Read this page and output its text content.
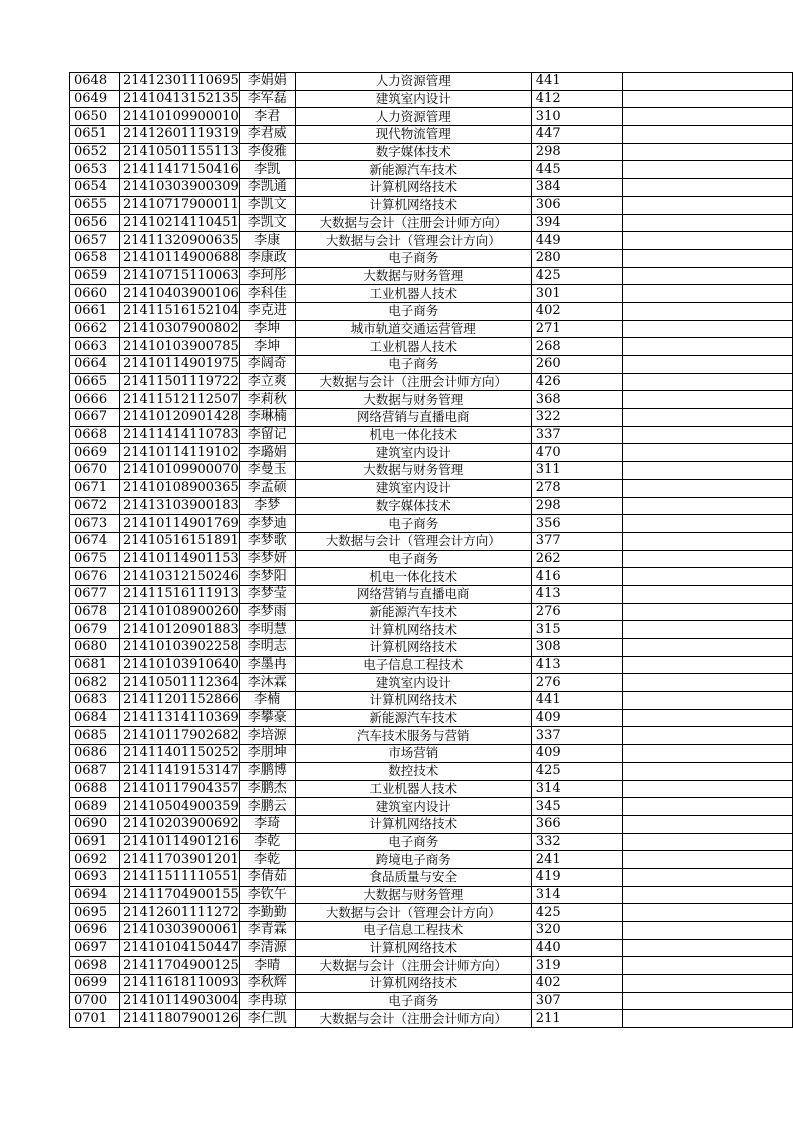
0648	21412301110695	李娟娟	人力资源管理	441	
0649	21410413152135	李军磊	建筑室内设计	412	
0650	21410109900010	李君	人力资源管理	310	
0651	21412601119319	李君威	现代物流管理	447	
0652	21410501155113	李俊雅	数字媒体技术	298	
0653	21411417150416	李凯	新能源汽车技术	445	
0654	21410303900309	李凯通	计算机网络技术	384	
0655	21410717900011	李凯文	计算机网络技术	306	
0656	21410214110451	李凯文	大数据与会计（注册会计师方向）	394	
0657	21411320900635	李康	大数据与会计（管理会计方向）	449	
0658	21410114900688	李康政	电子商务	280	
0659	21410715110063	李珂彤	大数据与财务管理	425	
0660	21410403900106	李科佳	工业机器人技术	301	
0661	21411516152104	李克进	电子商务	402	
0662	21410307900802	李坤	城市轨道交通运营管理	271	
0663	21410103900785	李坤	工业机器人技术	268	
0664	21410114901975	李阔奇	电子商务	260	
0665	21411501119722	李立爽	大数据与会计（注册会计师方向）	426	
0666	21411512112507	李莉秋	大数据与财务管理	368	
0667	21410120901428	李琳楠	网络营销与直播电商	322	
0668	21411414110783	李留记	机电一体化技术	337	
0669	21410114119102	李璐娟	建筑室内设计	470	
0670	21410109900070	李曼玉	大数据与财务管理	311	
0671	21410108900365	李孟硕	建筑室内设计	278	
0672	21413103900183	李梦	数字媒体技术	298	
0673	21410114901769	李梦迪	电子商务	356	
0674	21410516151891	李梦歌	大数据与会计（管理会计方向）	377	
0675	21410114901153	李梦妍	电子商务	262	
0676	21410312150246	李梦阳	机电一体化技术	416	
0677	21411516111913	李梦莹	网络营销与直播电商	413	
0678	21410108900260	李梦雨	新能源汽车技术	276	
0679	21410120901883	李明慧	计算机网络技术	315	
0680	21410103902258	李明志	计算机网络技术	308	
0681	21410103910640	李墨冉	电子信息工程技术	413	
0682	21410501112364	李沐霖	建筑室内设计	276	
0683	21411201152866	李楠	计算机网络技术	441	
0684	21411314110369	李攀豪	新能源汽车技术	409	
0685	21410117902682	李培源	汽车技术服务与营销	337	
0686	21411401150252	李朋坤	市场营销	409	
0687	21411419153147	李鹏博	数控技术	425	
0688	21410117904357	李鹏杰	工业机器人技术	314	
0689	21410504900359	李鹏云	建筑室内设计	345	
0690	21410203900692	李琦	计算机网络技术	366	
0691	21410114901216	李乾	电子商务	332	
0692	21411703901201	李乾	跨境电子商务	241	
0693	21411511110551	李倩茹	食品质量与安全	419	
0694	21411704900155	李钦午	大数据与财务管理	314	
0695	21412601111272	李勤勤	大数据与会计（管理会计方向）	425	
0696	21410303900061	李青霖	电子信息工程技术	320	
0697	21410104150447	李清源	计算机网络技术	440	
0698	21411704900125	李晴	大数据与会计（注册会计师方向）	319	
0699	21411618110093	李秋辉	计算机网络技术	402	
0700	21410114903004	李冉琼	电子商务	307	
0701	21411807900126	李仁凯	大数据与会计（注册会计师方向）	211	
